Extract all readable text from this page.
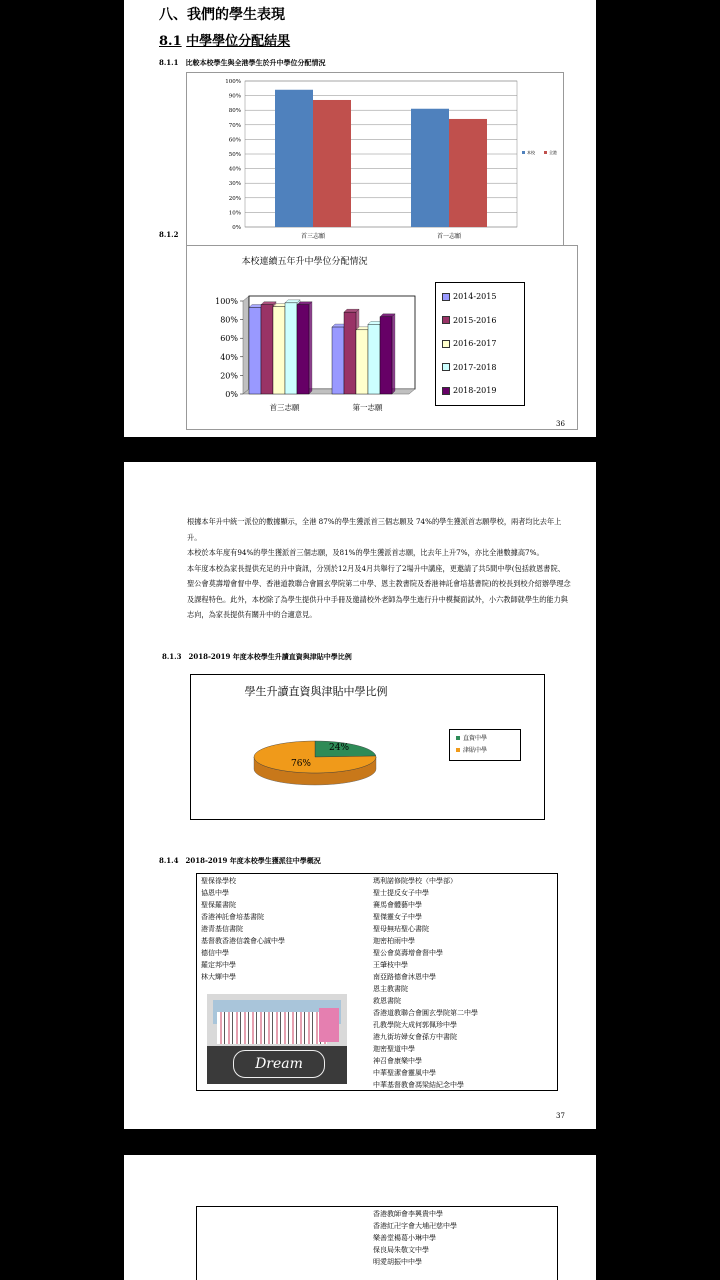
八、我們的學生表現
8.1 中學學位分配結果
8.1.1　比較本校學生與全港學生於升中學位分配情況
0%
10%
20%
30%
40%
50%
60%
70%
80%
90%
100%
首三志願	首一志願
本校	全港
8.1.2
本校連續五年升中學位分配情況
0%
20%
40%
60%
80%
100%
首三志願	第一志願
2014-2015
2015-2016
2016-2017
2017-2018
2018-2019
36

根據本年升中統一派位的數據顯示，全港 87%的學生獲派首三個志願及 74%的學生獲派首志願學校，兩者均比去年上升。

本校於本年度有94%的學生獲派首三個志願，及81%的學生獲派首志願，比去年上升7%，亦比全港數據高7%。

本年度本校為家長提供充足的升中資訊，分別於12月及4月共舉行了2場升中講座，更邀請了共5間中學(包括救恩書院、聖公會莫壽增會督中學、香港道教聯合會圓玄學院第二中學、恩主教書院及香港神託會培基書院)的校長到校介紹辦學理念及課程特色。此外，本校除了為學生提供升中手冊及邀請校外老師為學生進行升中模擬面試外，小六教師就學生的能力與志向，為家長提供有關升中的合適意見。

8.1.3　2018-2019 年度本校學生升讀直資與津貼中學比例
學生升讀直資與津貼中學比例
24%
76%
直資中學
津貼中學
8.1.4　2018-2019 年度本校學生獲派往中學概況
聖保祿學校
協恩中學
聖保羅書院
香港神託會培基書院
港青基信書院
基督教香港信義會心誠中學
德信中學
羅定邦中學
林大輝中學
瑪利諾修院學校（中學部）
聖士提反女子中學
賽馬會體藝中學
聖傑靈女子中學
聖母無玷聖心書院
迦密柏雨中學
聖公會莫壽增會督中學
王肇枝中學
南亞路德會沐恩中學
恩主教書院
救恩書院
香港道教聯合會圓玄學院第二中學
孔教學院大成何郭佩珍中學
港九街坊婦女會孫方中書院
迦密聖道中學
神召會康樂中學
中華聖潔會靈風中學
中華基督教會馮梁結紀念中學
Dream
37
香港教師會李興貴中學
香港紅卍字會大埔卍慈中學
樂善堂楊葛小琳中學
保良局朱敬文中學
明愛胡振中中學
